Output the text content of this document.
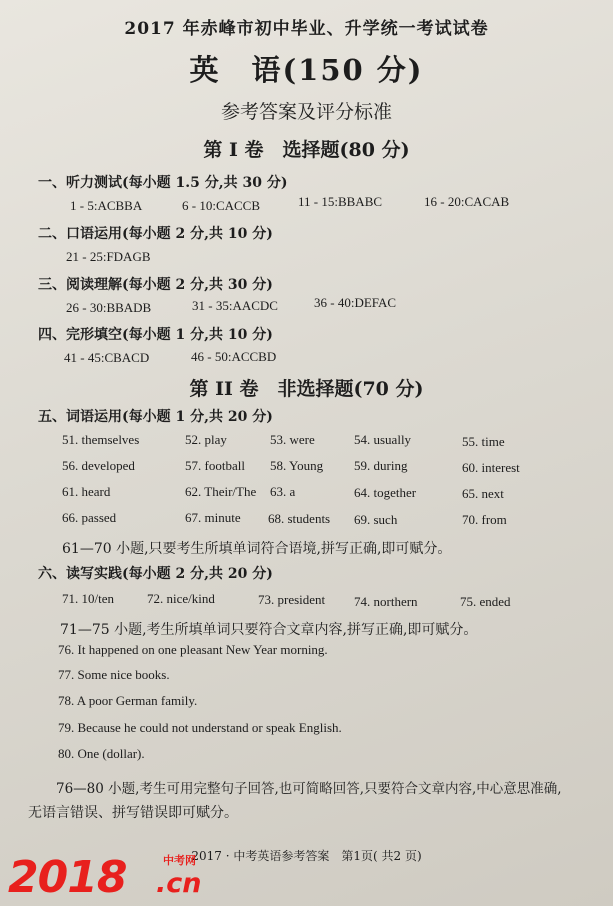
2017 年赤峰市初中毕业、升学统一考试试卷
英　语(150 分)
参考答案及评分标准
第 I 卷　选择题(80 分)
一、听力测试(每小题 1.5 分,共 30 分)
1 - 5:ACBBA	6 - 10:CACCB	11 - 15:BBABC	16 - 20:CACAB
二、口语运用(每小题 2 分,共 10 分)
21 - 25:FDAGB
三、阅读理解(每小题 2 分,共 30 分)
26 - 30:BBADB	31 - 35:AACDC	36 - 40:DEFAC
四、完形填空(每小题 1 分,共 10 分)
41 - 45:CBACD	46 - 50:ACCBD
第 II 卷　非选择题(70 分)
五、词语运用(每小题 1 分,共 20 分)
51. themselves	52. play	53. were	54. usually	55. time
56. developed	57. football 58. Young 59. during	60. interest
61. heard	62. Their/The 63. a	64. together	65. next
66. passed	67. minute 68. students 69. such	70. from
61—70 小题,只要考生所填单词符合语境,拼写正确,即可赋分。
六、读写实践(每小题 2 分,共 20 分)
71. 10/ten	72. nice/kind	73. president 74. northern	75. ended
71—75 小题,考生所填单词只要符合文章内容,拼写正确,即可赋分。
76. It happened on one pleasant New Year morning.
77. Some nice books.
78. A poor German family.
79. Because he could not understand or speak English.
80. One (dollar).
76—80 小题,考生可用完整句子回答,也可简略回答,只要符合文章内容,中心意思准确,
无语言错误、拼写错误即可赋分。
2017 · 中考英语参考答案　第1页( 共2 页)
2018	中考网
.cn
